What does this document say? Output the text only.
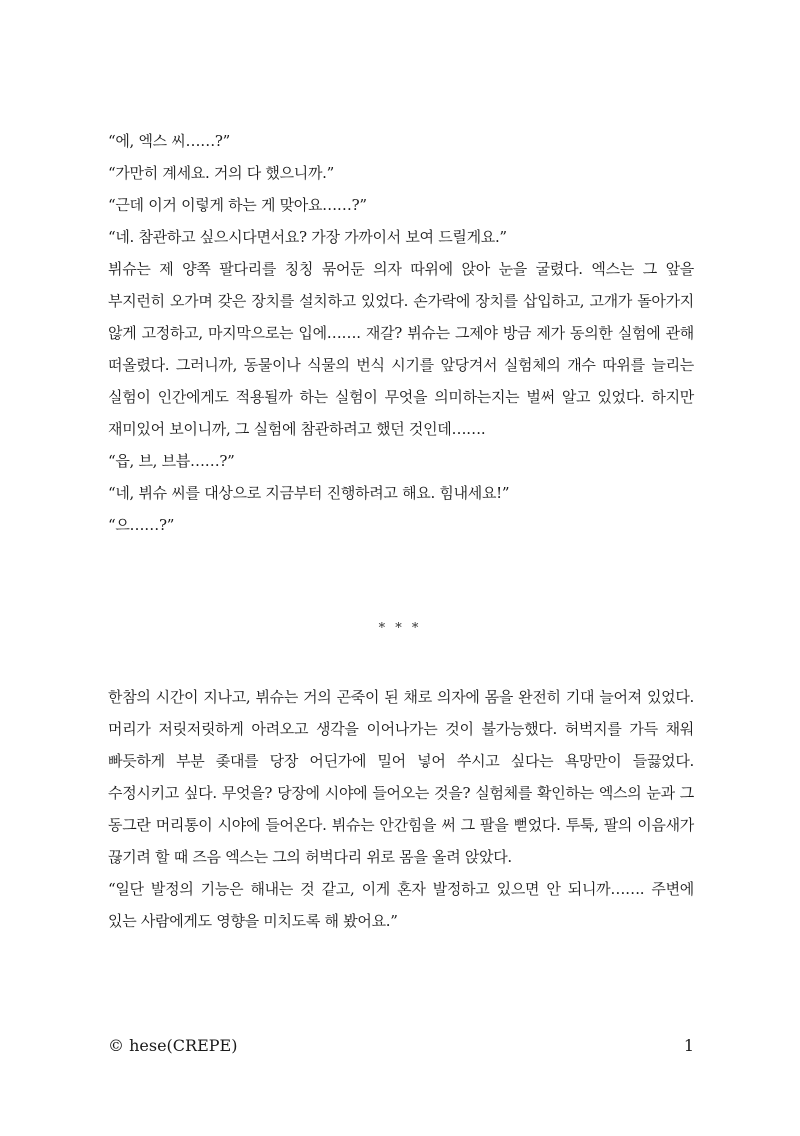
“에, 엑스 씨……?”

“가만히 계세요. 거의 다 했으니까.”

“근데 이거 이렇게 하는 게 맞아요……?”

“네. 참관하고 싶으시다면서요? 가장 가까이서 보여 드릴게요.”

뷔슈는 제 양쪽 팔다리를 칭칭 묶어둔 의자 따위에 앉아 눈을 굴렸다. 엑스는 그 앞을 부지런히 오가며 갖은 장치를 설치하고 있었다. 손가락에 장치를 삽입하고, 고개가 돌아가지 않게 고정하고, 마지막으로는 입에……. 재갈? 뷔슈는 그제야 방금 제가 동의한 실험에 관해 떠올렸다. 그러니까, 동물이나 식물의 번식 시기를 앞당겨서 실험체의 개수 따위를 늘리는 실험이 인간에게도 적용될까 하는 실험이 무엇을 의미하는지는 벌써 알고 있었다. 하지만 재미있어 보이니까, 그 실험에 참관하려고 했던 것인데…….

“읍, 브, 브븝……?”

“네, 뷔슈 씨를 대상으로 지금부터 진행하려고 해요. 힘내세요!”

“으……?”

* * *

한참의 시간이 지나고, 뷔슈는 거의 곤죽이 된 채로 의자에 몸을 완전히 기대 늘어져 있었다. 머리가 저릿저릿하게 아려오고 생각을 이어나가는 것이 불가능했다. 허벅지를 가득 채워 빠듯하게 부분 좆대를 당장 어딘가에 밀어 넣어 쑤시고 싶다는 욕망만이 들끓었다. 수정시키고 싶다. 무엇을? 당장에 시야에 들어오는 것을? 실험체를 확인하는 엑스의 눈과 그 동그란 머리통이 시야에 들어온다. 뷔슈는 안간힘을 써 그 팔을 뻗었다. 투툭, 팔의 이음새가 끊기려 할 때 즈음 엑스는 그의 허벅다리 위로 몸을 올려 앉았다.

“일단 발정의 기능은 해내는 것 같고, 이게 혼자 발정하고 있으면 안 되니까……. 주변에 있는 사람에게도 영향을 미치도록 해 봤어요.”

© hese(CREPE)	1
